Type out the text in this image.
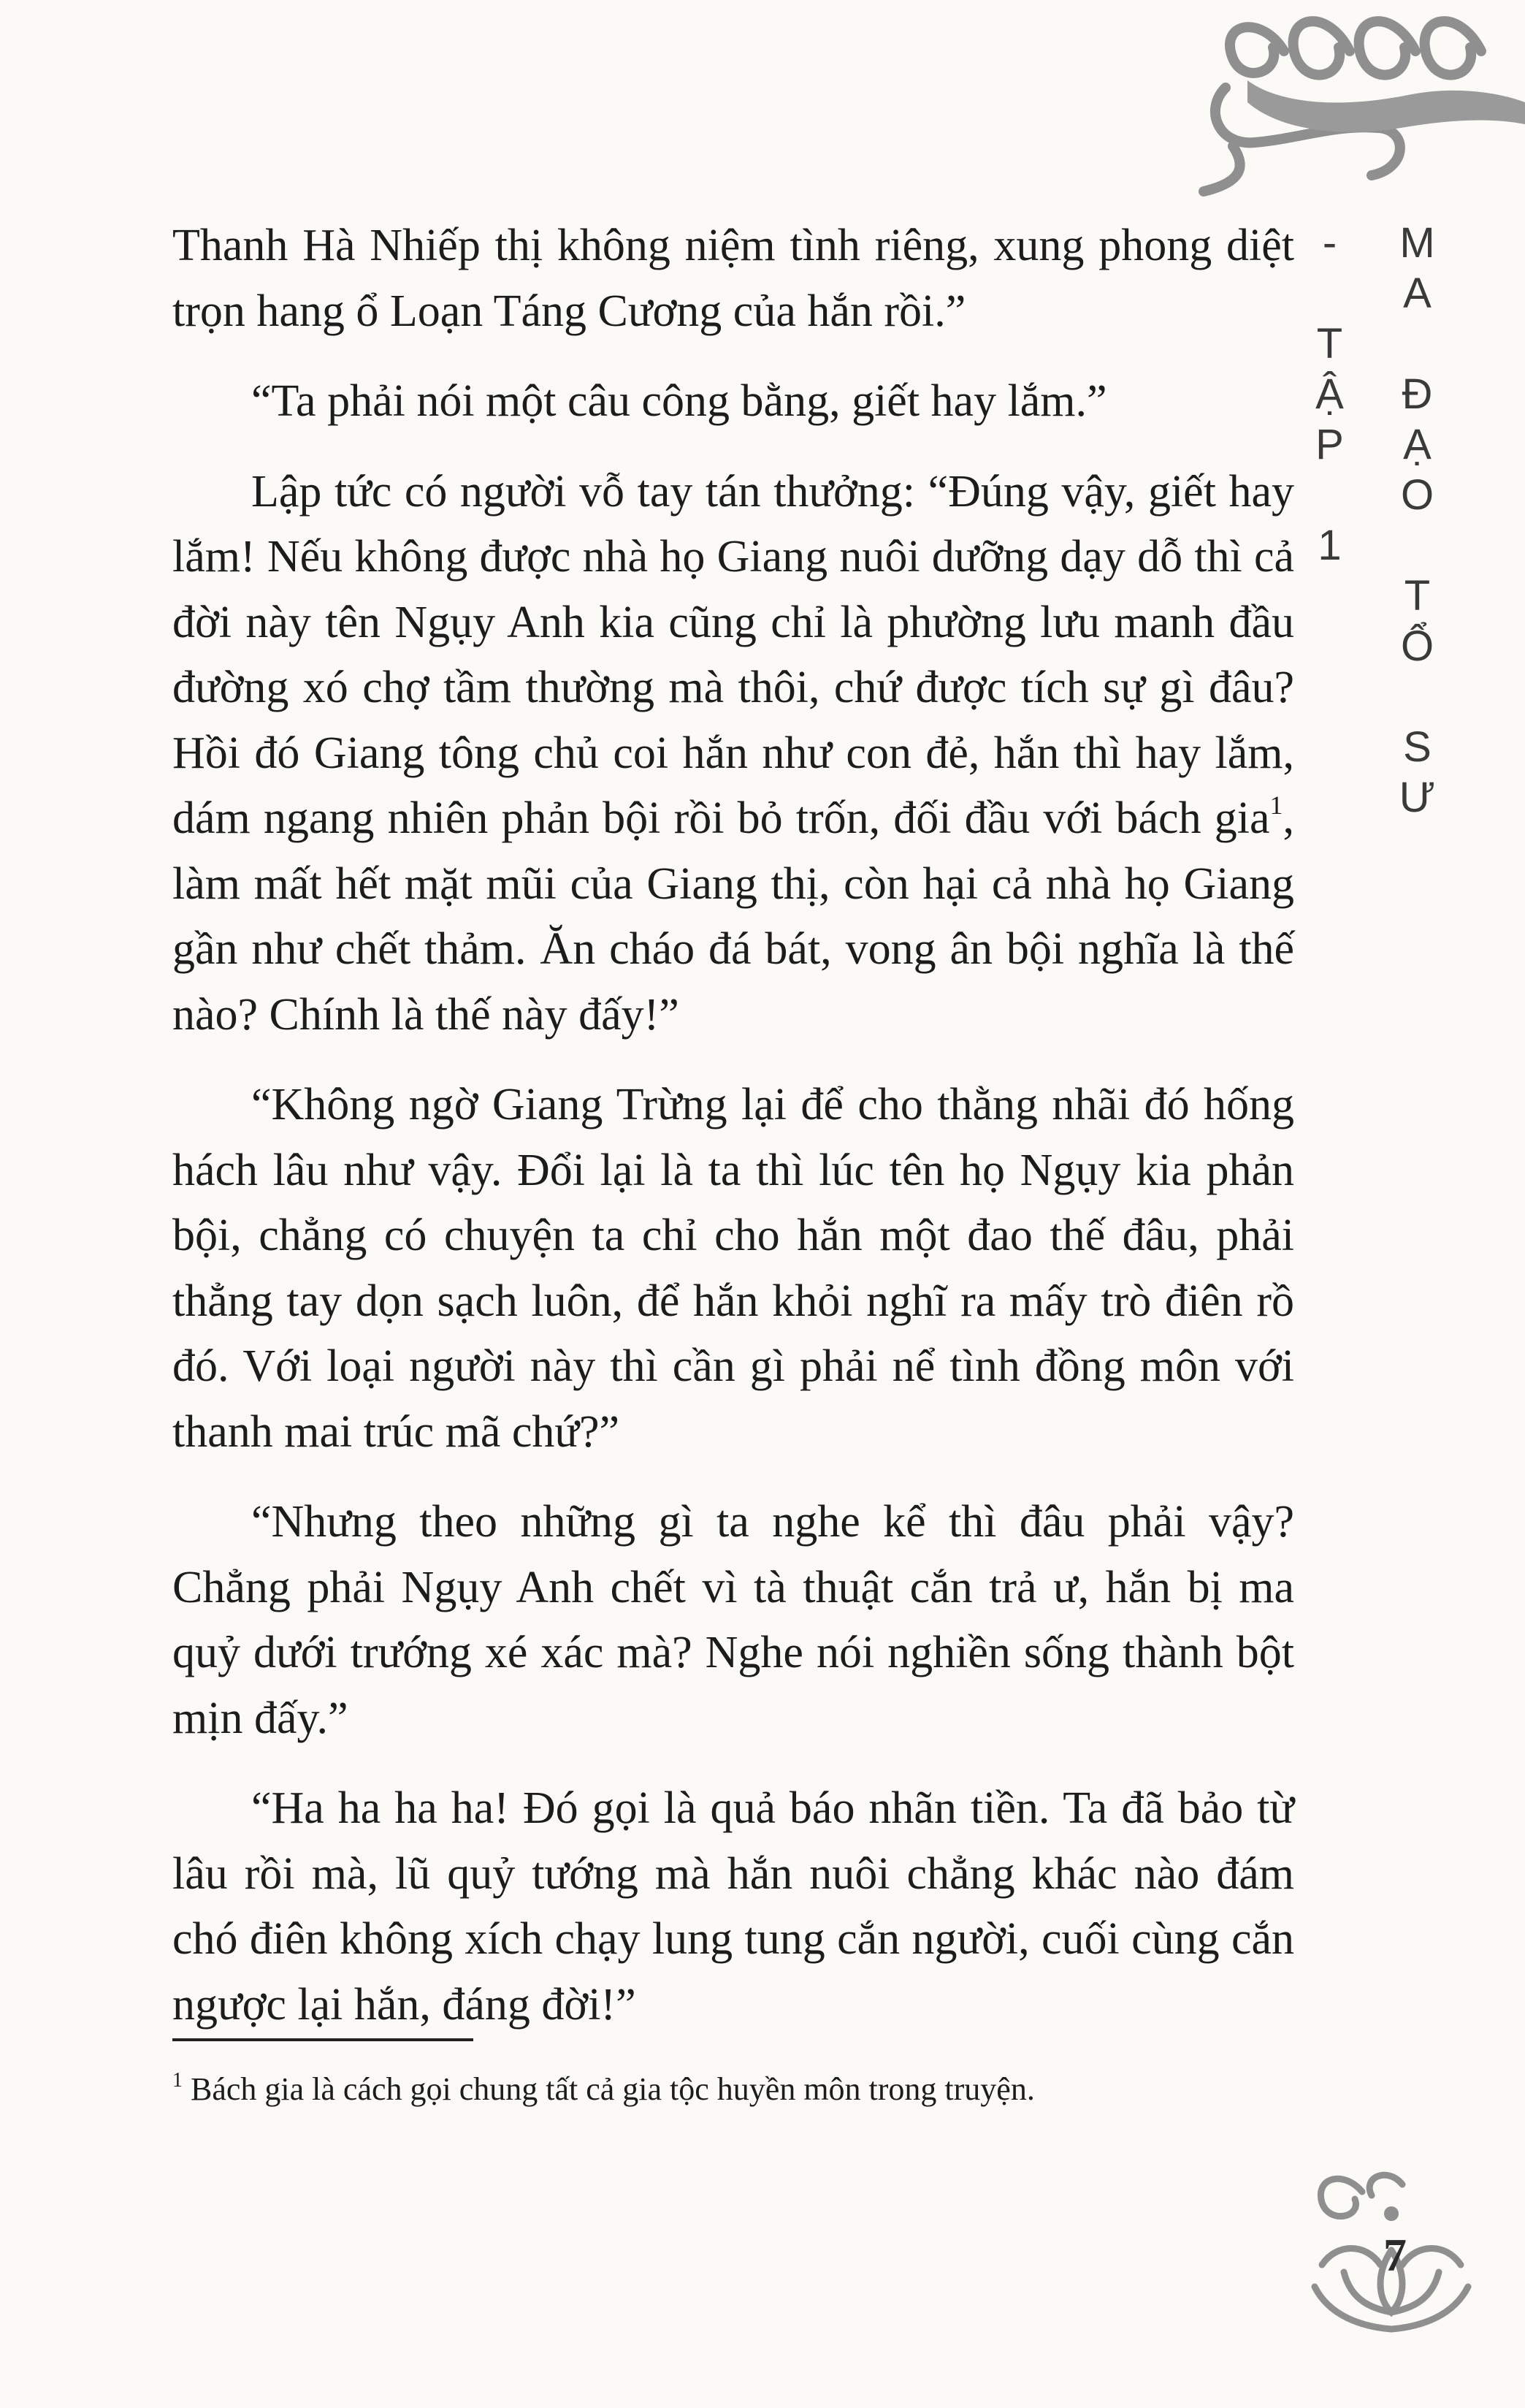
MA ĐẠO TỔ SƯ - TẬP 1

Thanh Hà Nhiếp thị không niệm tình riêng, xung phong diệt trọn hang ổ Loạn Táng Cương của hắn rồi.”

“Ta phải nói một câu công bằng, giết hay lắm.”

Lập tức có người vỗ tay tán thưởng: “Đúng vậy, giết hay lắm! Nếu không được nhà họ Giang nuôi dưỡng dạy dỗ thì cả đời này tên Ngụy Anh kia cũng chỉ là phường lưu manh đầu đường xó chợ tầm thường mà thôi, chứ được tích sự gì đâu? Hồi đó Giang tông chủ coi hắn như con đẻ, hắn thì hay lắm, dám ngang nhiên phản bội rồi bỏ trốn, đối đầu với bách gia$^1$, làm mất hết mặt mũi của Giang thị, còn hại cả nhà họ Giang gần như chết thảm. Ăn cháo đá bát, vong ân bội nghĩa là thế nào? Chính là thế này đấy!”

“Không ngờ Giang Trừng lại để cho thằng nhãi đó hống hách lâu như vậy. Đổi lại là ta thì lúc tên họ Ngụy kia phản bội, chẳng có chuyện ta chỉ cho hắn một đao thế đâu, phải thẳng tay dọn sạch luôn, để hắn khỏi nghĩ ra mấy trò điên rồ đó. Với loại người này thì cần gì phải nể tình đồng môn với thanh mai trúc mã chứ?”

“Nhưng theo những gì ta nghe kể thì đâu phải vậy? Chẳng phải Ngụy Anh chết vì tà thuật cắn trả ư, hắn bị ma quỷ dưới trướng xé xác mà? Nghe nói nghiền sống thành bột mịn đấy.”

“Ha ha ha ha! Đó gọi là quả báo nhãn tiền. Ta đã bảo từ lâu rồi mà, lũ quỷ tướng mà hắn nuôi chẳng khác nào đám chó điên không xích chạy lung tung cắn người, cuối cùng cắn ngược lại hắn, đáng đời!”

$^1$ Bách gia là cách gọi chung tất cả gia tộc huyền môn trong truyện.
7
